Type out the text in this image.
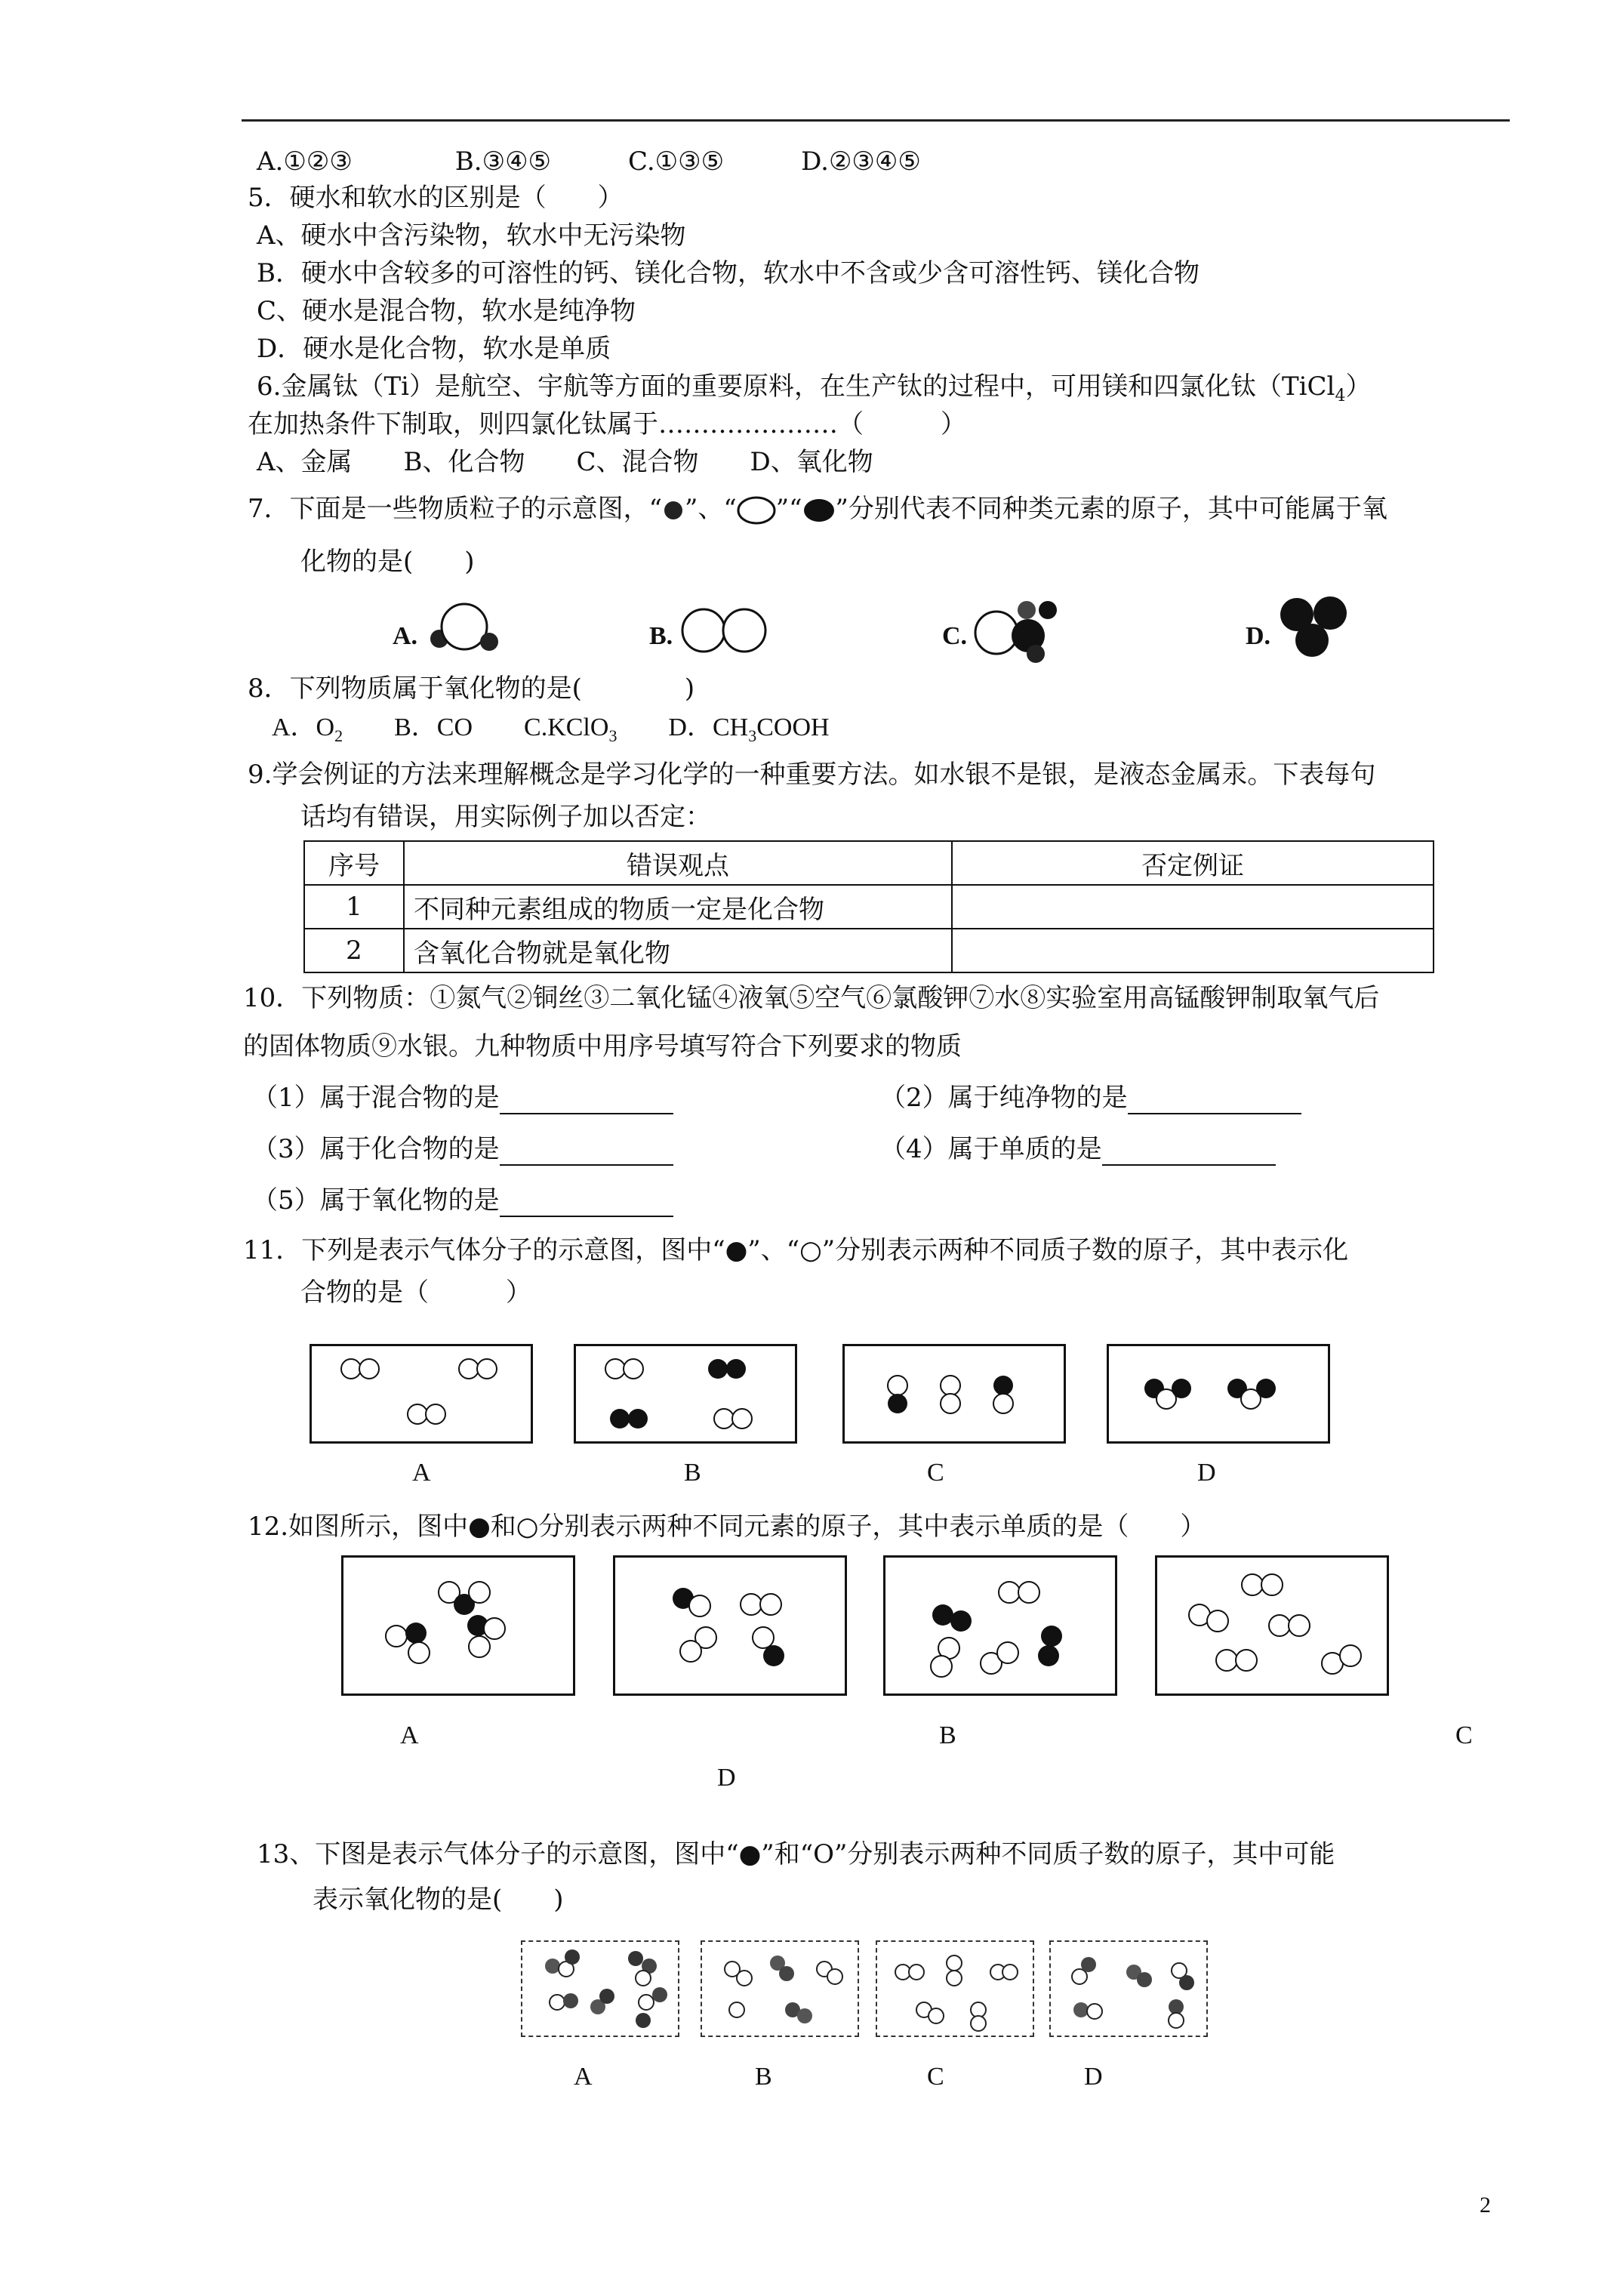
A.①②③　　　　B.③④⑤　　　C.①③⑤　　　D.②③④⑤
5．硬水和软水的区别是（　　）
A、硬水中含污染物，软水中无污染物
B．硬水中含较多的可溶性的钙、镁化合物，软水中不含或少含可溶性钙、镁化合物
C、硬水是混合物，软水是纯净物
D．硬水是化合物，软水是单质
6.金属钛（Ti）是航空、宇航等方面的重要原料，在生产钛的过程中，可用镁和四氯化钛（TiCl$_4$）
在加热条件下制取，则四氯化钛属于…………………（　　　）
A、金属　　B、化合物　　C、混合物　　D、氧化物
7．下面是一些物质粒子的示意图，“ ”、“ ”“ ”分别代表不同种类元素的原子，其中可能属于氧
化物的是(　　)
A.	B.	C.	D.
8．下列物质属于氧化物的是(　　　　)
A．$O_2$　　B．CO　　C.KClO$_3$　　D．$CH_3COOH$
9.学会例证的方法来理解概念是学习化学的一种重要方法。如水银不是银，是液态金属汞。下表每句
话均有错误，用实际例子加以否定：
序号	错误观点	否定例证
1	不同种元素组成的物质一定是化合物	
2	含氧化合物就是氧化物	
10．下列物质：①氮气②铜丝③二氧化锰④液氧⑤空气⑥氯酸钾⑦水⑧实验室用高锰酸钾制取氧气后
的固体物质⑨水银。九种物质中用序号填写符合下列要求的物质
（1）属于混合物的是	（2）属于纯净物的是
（3）属于化合物的是	（4）属于单质的是
（5）属于氧化物的是
11．下列是表示气体分子的示意图，图中“●”、“○”分别表示两种不同质子数的原子，其中表示化
合物的是（　　　）
A	B	C	D
12.如图所示，图中●和○分别表示两种不同元素的原子，其中表示单质的是（　　）
A	B	C
D
13、下图是表示气体分子的示意图，图中“●”和“O”分别表示两种不同质子数的原子，其中可能
表示氧化物的是(　　)
A	B	C	D
2
